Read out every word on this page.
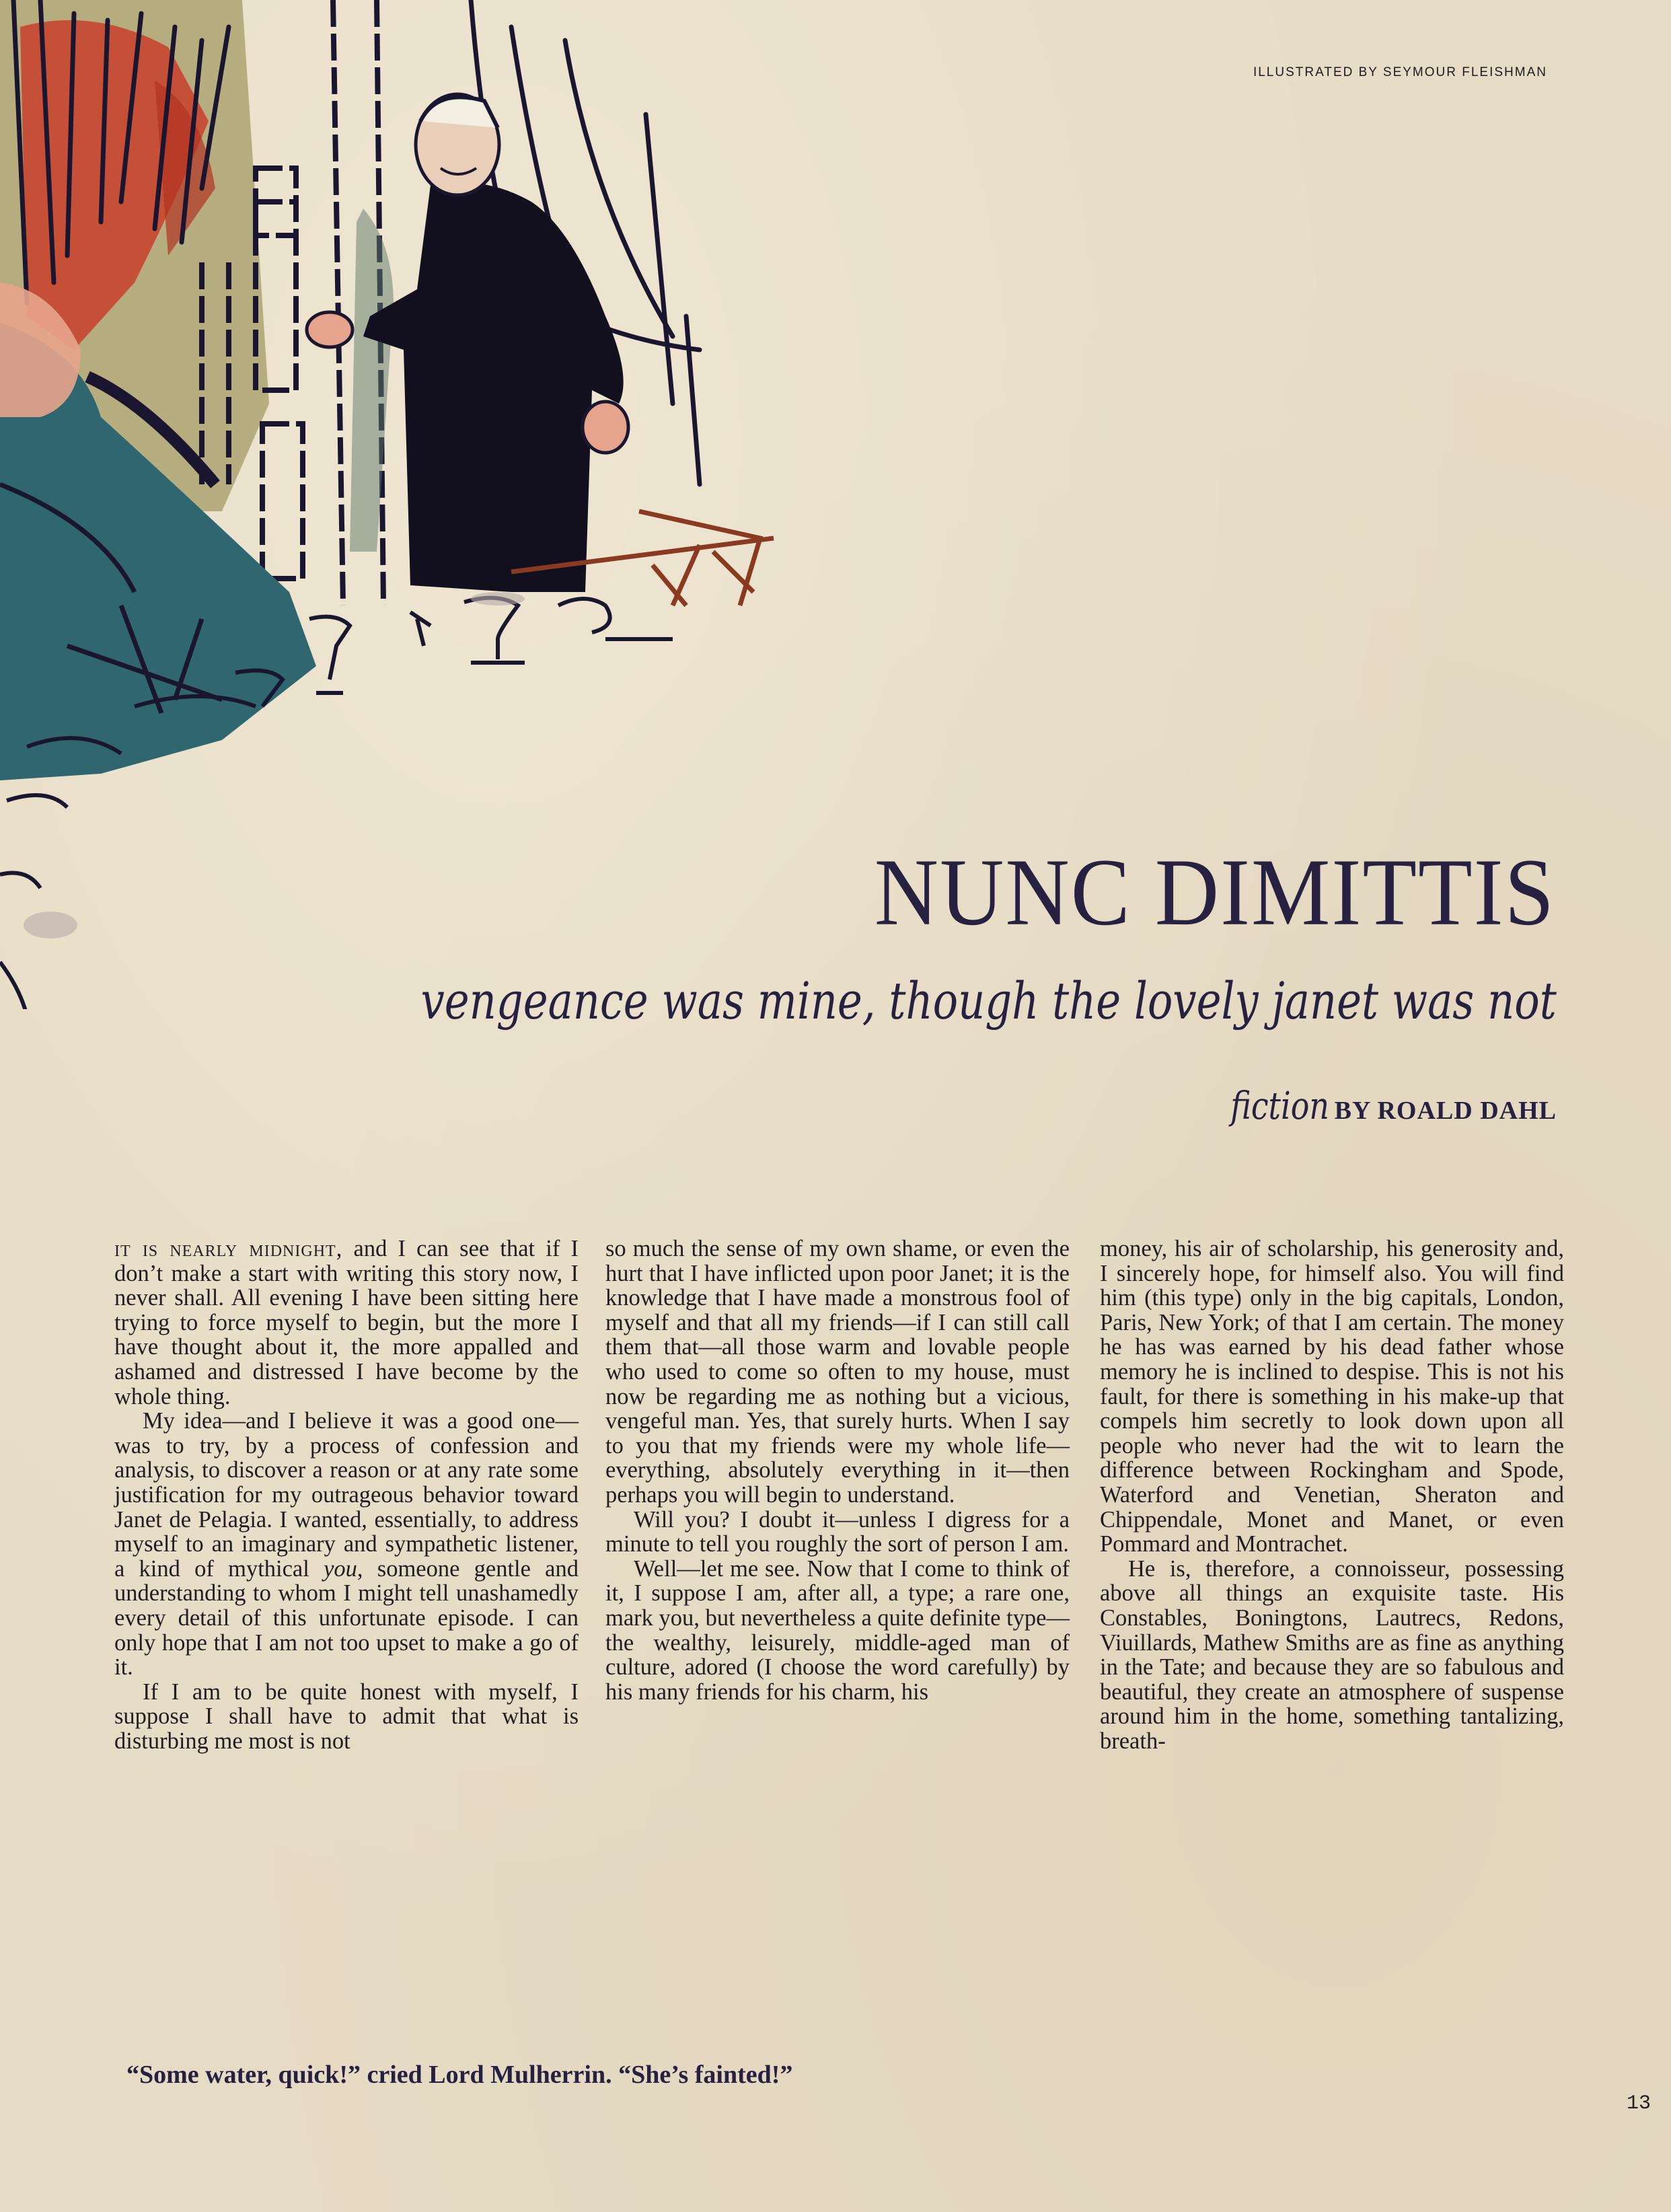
ILLUSTRATED BY SEYMOUR FLEISHMAN
NUNC DIMITTIS
vengeance was mine, though the lovely janet was not
fiction BY ROALD DAHL

it is nearly midnight, and I can see that if I don’t make a start with writing this story now, I never shall. All evening I have been sitting here trying to force myself to begin, but the more I have thought about it, the more appalled and ashamed and distressed I have become by the whole thing.

My idea—and I believe it was a good one—was to try, by a process of confession and analysis, to discover a reason or at any rate some justification for my outrageous behavior toward Janet de Pelagia. I wanted, essentially, to address myself to an imaginary and sympathetic listener, a kind of mythical you, someone gentle and understanding to whom I might tell unashamedly every detail of this unfortunate episode. I can only hope that I am not too upset to make a go of it.

If I am to be quite honest with myself, I suppose I shall have to admit that what is disturbing me most is not

so much the sense of my own shame, or even the hurt that I have inflicted upon poor Janet; it is the knowledge that I have made a monstrous fool of myself and that all my friends—if I can still call them that—all those warm and lovable people who used to come so often to my house, must now be regarding me as nothing but a vicious, vengeful man. Yes, that surely hurts. When I say to you that my friends were my whole life—everything, absolutely everything in it—then perhaps you will begin to understand.

Will you? I doubt it—unless I digress for a minute to tell you roughly the sort of person I am.

Well—let me see. Now that I come to think of it, I suppose I am, after all, a type; a rare one, mark you, but nevertheless a quite definite type—the wealthy, leisurely, middle-aged man of culture, adored (I choose the word carefully) by his many friends for his charm, his

money, his air of scholarship, his generosity and, I sincerely hope, for himself also. You will find him (this type) only in the big capitals, London, Paris, New York; of that I am certain. The money he has was earned by his dead father whose memory he is inclined to despise. This is not his fault, for there is something in his make-up that compels him secretly to look down upon all people who never had the wit to learn the difference between Rockingham and Spode, Waterford and Venetian, Sheraton and Chippendale, Monet and Manet, or even Pommard and Montrachet.

He is, therefore, a connoisseur, possessing above all things an exquisite taste. His Constables, Boningtons, Lautrecs, Redons, Viuillards, Mathew Smiths are as fine as anything in the Tate; and because they are so fabulous and beautiful, they create an atmosphere of suspense around him in the home, something tantalizing, breath-

“Some water, quick!” cried Lord Mulherrin. “She’s fainted!”
13
